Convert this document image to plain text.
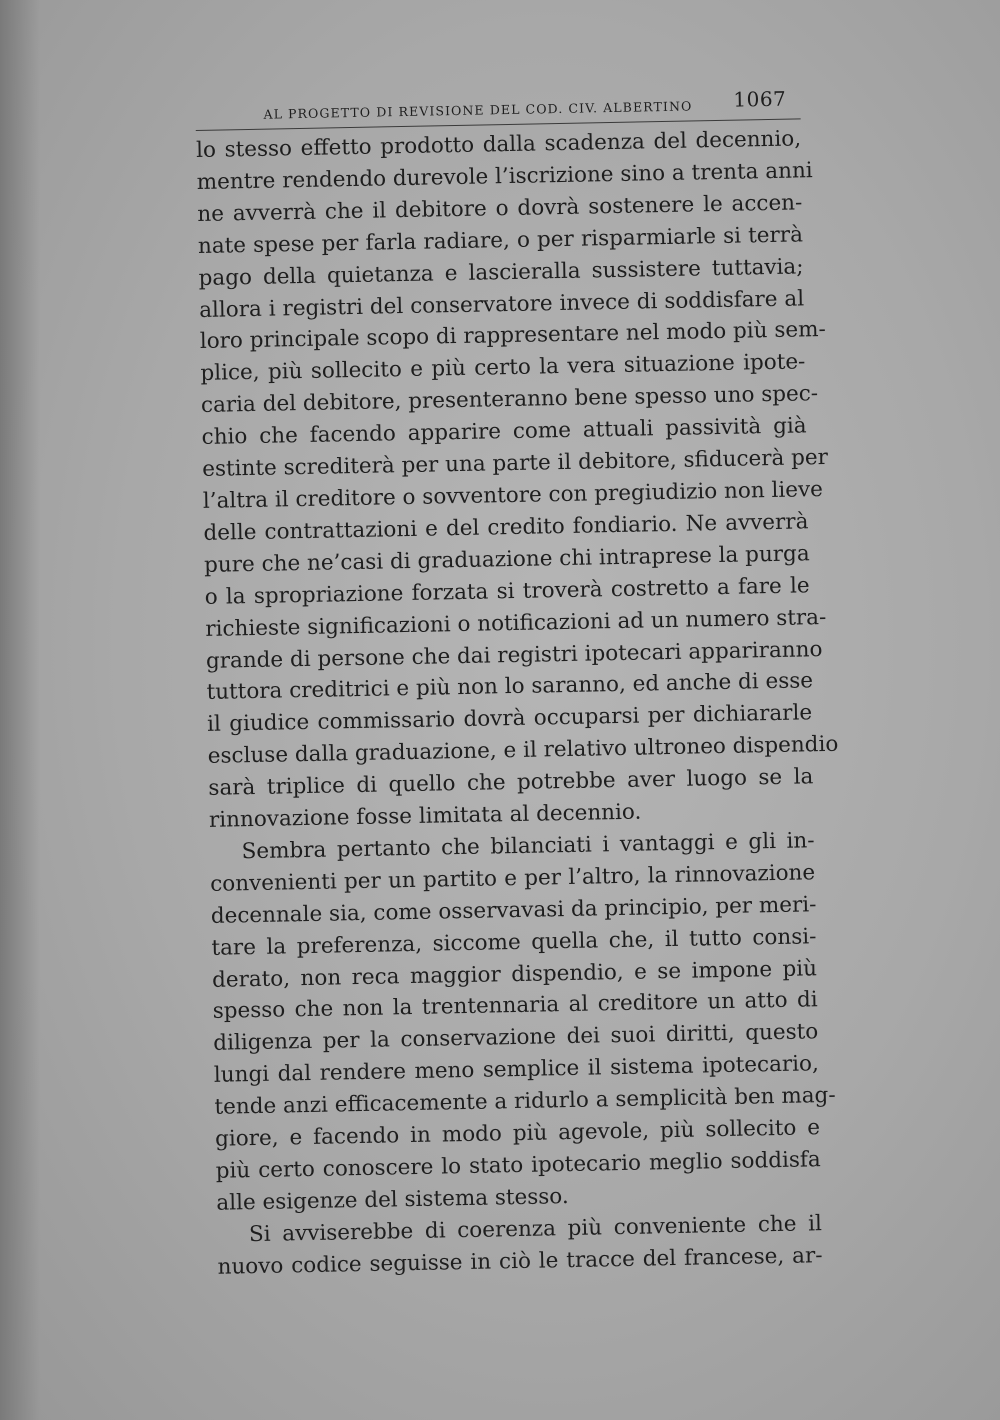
AL PROGETTO DI REVISIONE DEL COD. CIV. ALBERTINO 1067
lo stesso effetto prodotto dalla scadenza del decennio,
mentre rendendo durevole l’iscrizione sino a trenta anni
ne avverrà che il debitore o dovrà sostenere le accen-
nate spese per farla radiare, o per risparmiarle si terrà
pago della quietanza e lascieralla sussistere tuttavia;
allora i registri del conservatore invece di soddisfare al
loro principale scopo di rappresentare nel modo più sem-
plice, più sollecito e più certo la vera situazione ipote-
caria del debitore, presenteranno bene spesso uno spec-
chio che facendo apparire come attuali passività già
estinte screditerà per una parte il debitore, sfiducerà per
l’altra il creditore o sovventore con pregiudizio non lieve
delle contrattazioni e del credito fondiario. Ne avverrà
pure che ne’casi di graduazione chi intraprese la purga
o la spropriazione forzata si troverà costretto a fare le
richieste significazioni o notificazioni ad un numero stra-
grande di persone che dai registri ipotecari appariranno
tuttora creditrici e più non lo saranno, ed anche di esse
il giudice commissario dovrà occuparsi per dichiararle
escluse dalla graduazione, e il relativo ultroneo dispendio
sarà triplice di quello che potrebbe aver luogo se la
rinnovazione fosse limitata al decennio.
Sembra pertanto che bilanciati i vantaggi e gli in-
convenienti per un partito e per l’altro, la rinnovazione
decennale sia, come osservavasi da principio, per meri-
tare la preferenza, siccome quella che, il tutto consi-
derato, non reca maggior dispendio, e se impone più
spesso che non la trentennaria al creditore un atto di
diligenza per la conservazione dei suoi diritti, questo
lungi dal rendere meno semplice il sistema ipotecario,
tende anzi efficacemente a ridurlo a semplicità ben mag-
giore, e facendo in modo più agevole, più sollecito e
più certo conoscere lo stato ipotecario meglio soddisfa
alle esigenze del sistema stesso.
Si avviserebbe di coerenza più conveniente che il
nuovo codice seguisse in ciò le tracce del francese, ar-
